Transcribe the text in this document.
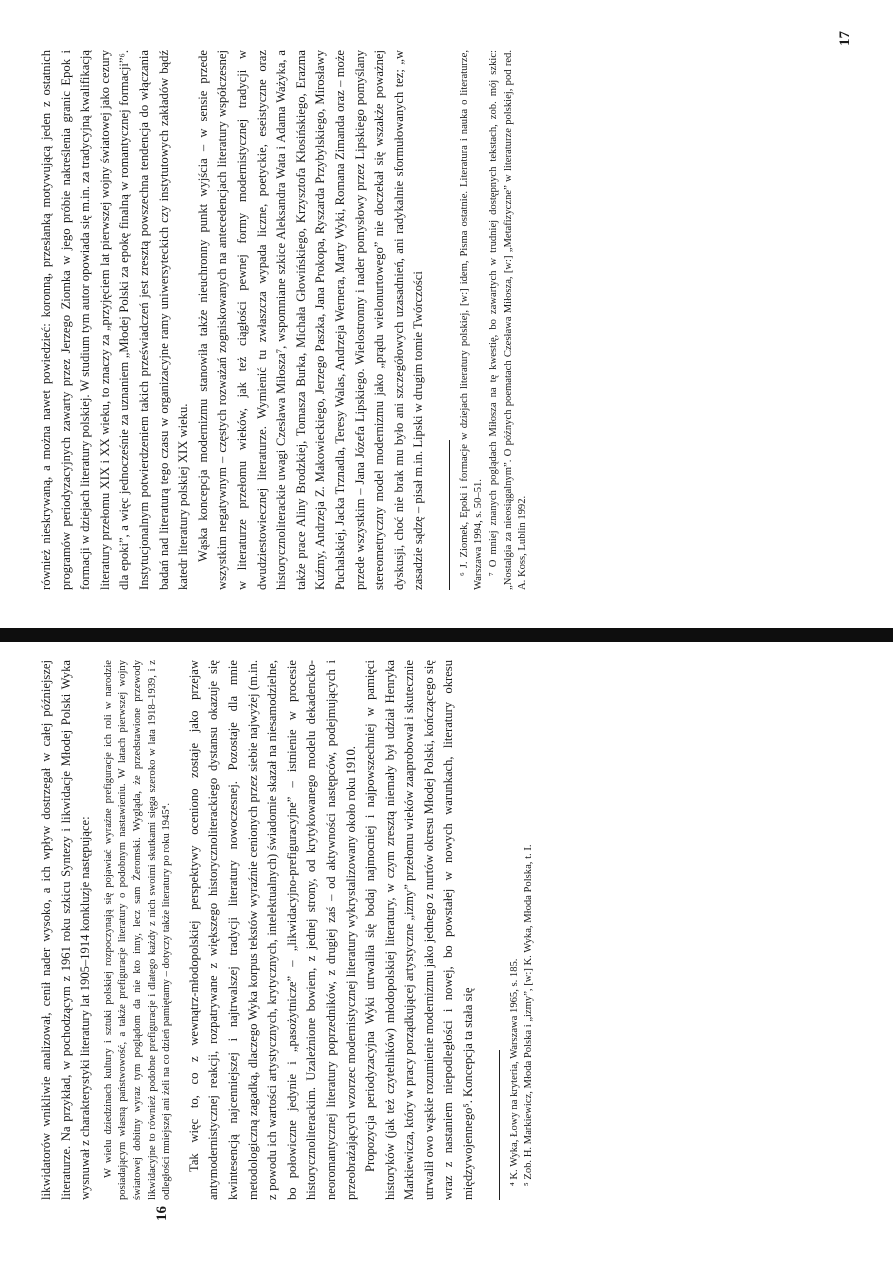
również nieskrywaną, a można nawet powiedzieć: koronną, przesłanką motywującą jeden z ostatnich programów periodyzacyjnych zawarty przez Jerzego Ziomka w jego próbie nakreślenia granic Epok i formacji w dziejach literatury polskiej. W studium tym autor opowiada się m.in. za tradycyjną kwalifikacją literatury przełomu XIX i XX wieku, to znaczy za „przyjęciem lat pierwszej wojny światowej jako cezury dla epoki”, a więc jednocześnie za uznaniem „Młodej Polski za epokę finalną w romantycznej formacji”⁶. Instytucjonalnym potwierdzeniem takich przeświadczeń jest zresztą powszechna tendencja do włączania badań nad literaturą tego czasu w organizacyjne ramy uniwersyteckich czy instytutowych zakładów bądź katedr literatury polskiej XIX wieku. Wąska koncepcja modernizmu stanowiła także nieuchronny punkt wyjścia – w sensie przede wszystkim negatywnym – częstych rozważań zogniskowanych na antecedencjach literatury współczesnej w literaturze przełomu wieków, jak też ciągłości pewnej formy modernistycznej tradycji w dwudziestowiecznej literaturze. Wymienić tu zwłaszcza wypada liczne, poetyckie, eseistyczne oraz historycznoliterackie uwagi Czesława Miłosza⁷, wspomniane szkice Aleksandra Wata i Adama Ważyka, a także prace Aliny Brodzkiej, Tomasza Burka, Michała Głowińskiego, Krzysztofa Kłosińskiego, Erazma Kuźmy, Andrzeja Z. Makowieckiego, Jerzego Paszka, Jana Prokopa, Ryszarda Przybylskiego, Mirosławy Puchalskiej, Jacka Trznadla, Teresy Walas, Andrzeja Wernera, Marty Wyki, Romana Zimanda oraz – może przede wszystkim – Jana Józefa Lipskiego. Wielostronny i nader pomysłowy przez Lipskiego pomyślany stereometryczny model modernizmu jako „prądu wielonurtowego” nie doczekał się wszakże poważnej dyskusji, choć nie brak mu było ani szczegółowych uzasadnień, ani radykalnie sformułowanych tez; „w zasadzie sądzę – pisał m.in. Lipski w drugim tomie Twórczości	⁶ J. Ziomek, Epoki i formacje w dziejach literatury polskiej, [w:] idem, Pisma ostatnie. Literatura i nauka o literaturze, Warszawa 1994, s. 50–51. ⁷ O mniej znanych poglądach Miłosza na tę kwestię, bo zawartych w trudniej dostępnych tekstach, zob. mój szkic: „Nostalgia za nieosiągalnym”. O późnych poematach Czesława Miłosza, [w:] „Metafizyczne” w literaturze polskiej, pod red. A. Koss, Lublin 1992.

likwidatorów wnikliwie analizował, cenił nader wysoko, a ich wpływ dostrzegał w całej późniejszej literaturze. Na przykład, w pochodzącym z 1961 roku szkicu Syntezy i likwidacje Młodej Polski Wyka wysnuwał z charakterystyki literatury lat 1905–1914 konkluzje następujące: W wielu dziedzinach kultury i sztuki polskiej rozpoczynają się pojawiać wyraźne prefiguracje ich roli w narodzie posiadającym własną państwowość, a także prefiguracje literatury o podobnym nastawieniu. W latach pierwszej wojny światowej dobitny wyraz tym poglądom da nie kto inny, lecz sam Żeromski. Wygląda, że przedstawione przewody likwidacyjne to również podobne prefiguracje i dlatego każdy z nich swoimi skutkami sięga szeroko w lata 1918–1939, i z odległości mniejszej ani żeli na co dzień pamiętamy – dotyczy także literatury po roku 1945⁴. Tak więc to, co z wewnątrz-młodopolskiej perspektywy oceniono zostaje jako przejaw antymodernistycznej reakcji, rozpatrywane z większego historycznoliterackiego dystansu okazuje się kwintesencją najcenniejszej i najtrwalszej tradycji literatury nowoczesnej. Pozostaje dla mnie metodologiczną zagadką, dlaczego Wyka korpus tekstów wyraźnie cenionych przez siebie najwyżej (m.in. z powodu ich wartości artystycznych, krytycznych, intelektualnych) świadomie skazał na niesamodzielne, bo połowiczne jedynie i „pasożytnicze” – „likwidacyjno-prefiguracyjne” – istnienie w procesie historycznoliterackim. Uzależnione bowiem, z jednej strony, od krytykowanego modelu dekadencko-neoromantycznej literatury poprzedników, z drugiej zaś – od aktywności następców, podejmujących i przeobrażających wzorzec modernistycznej literatury wykrystalizowany około roku 1910. Propozycja periodyzacyjna Wyki utrwaliła się bodaj najmocniej i najpowszechniej w pamięci historyków (jak też czytelników) młodopolskiej literatury, w czym zresztą niemały był udział Henryka Markiewicza, który w pracy porządkującej artystyczne „izmy” przełomu wieków zaaprobował i skutecznie utrwalił owo wąskie rozumienie modernizmu jako jednego z nurtów okresu Młodej Polski, kończącego się wraz z nastaniem niepodległości i nowej, bo powstałej w nowych warunkach, literatury okresu międzywojennego⁵. Koncepcja ta stała się	⁴ K. Wyka, Łowy na kryteria, Warszawa 1965, s. 185. ⁵ Zob. H. Markiewicz, Młoda Polska i „izmy”, [w:] K. Wyka, Młoda Polska, t. I.

16
17
